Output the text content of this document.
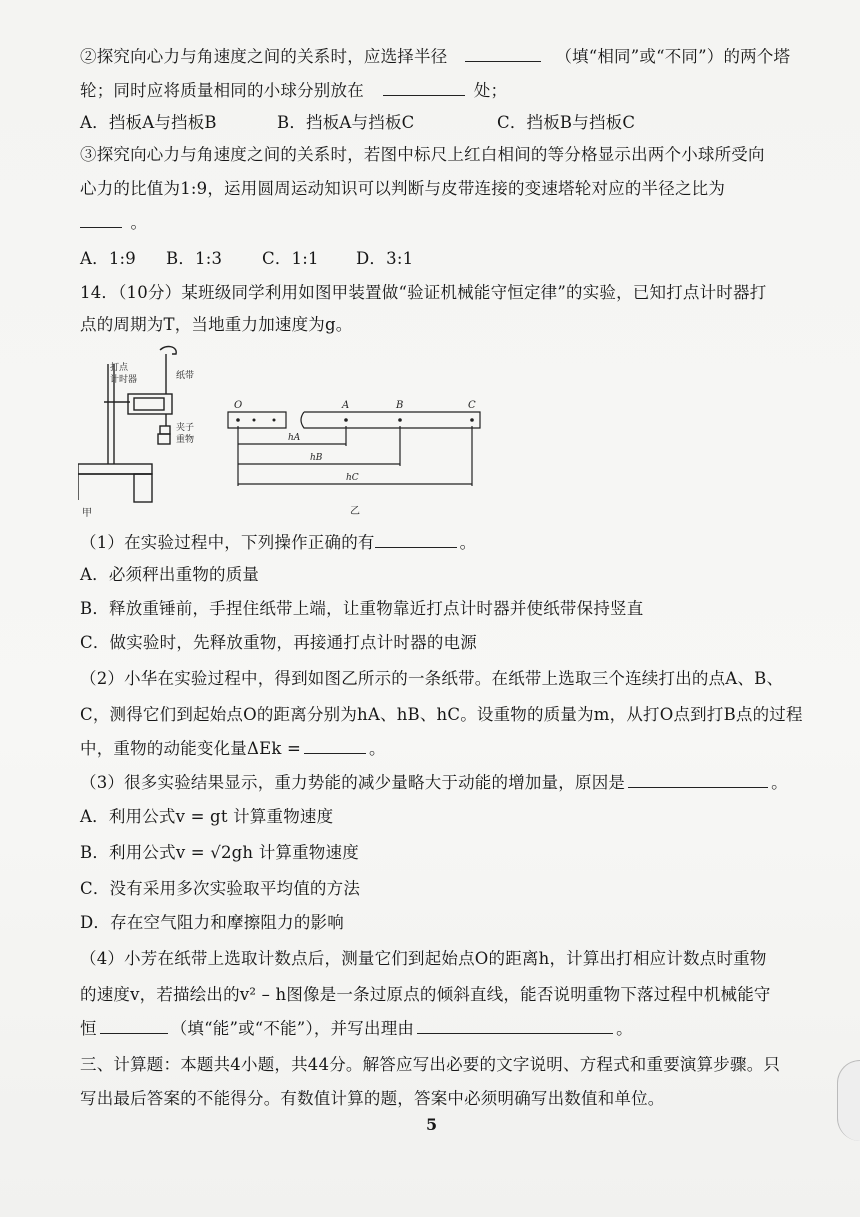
②探究向心力与角速度之间的关系时，应选择半径	（填“相同”或“不同”）的两个塔
轮；同时应将质量相同的小球分别放在	处；
A．挡板A与挡板B	B．挡板A与挡板C	C．挡板B与挡板C
③探究向心力与角速度之间的关系时，若图中标尺上红白相间的等分格显示出两个小球所受向
心力的比值为1:9，运用圆周运动知识可以判断与皮带连接的变速塔轮对应的半径之比为
。
A．1:9 B．1:3 C．1:1 D．3:1
14．（10分）某班级同学利用如图甲装置做“验证机械能守恒定律”的实验，已知打点计时器打
点的周期为T，当地重力加速度为g。
打点
计时器	纸带
夹子
重物
甲
O	A	B	C
hA
hB
hC
乙
（1）在实验过程中，下列操作正确的有	。
A．必须秤出重物的质量
B．释放重锤前，手捏住纸带上端，让重物靠近打点计时器并使纸带保持竖直
C．做实验时，先释放重物，再接通打点计时器的电源
（2）小华在实验过程中，得到如图乙所示的一条纸带。在纸带上选取三个连续打出的点A、B、
C，测得它们到起始点O的距离分别为hA、hB、hC。设重物的质量为m，从打O点到打B点的过程
中，重物的动能变化量ΔEk =	。
（3）很多实验结果显示，重力势能的减少量略大于动能的增加量，原因是	。
A．利用公式v = gt 计算重物速度
B．利用公式v = √2gh 计算重物速度
C．没有采用多次实验取平均值的方法
D．存在空气阻力和摩擦阻力的影响
（4）小芳在纸带上选取计数点后，测量它们到起始点O的距离h，计算出打相应计数点时重物
的速度v，若描绘出的v² – h图像是一条过原点的倾斜直线，能否说明重物下落过程中机械能守
恒	（填“能”或“不能”），并写出理由	。
三、计算题：本题共4小题，共44分。解答应写出必要的文字说明、方程式和重要演算步骤。只
写出最后答案的不能得分。有数值计算的题，答案中必须明确写出数值和单位。
5
